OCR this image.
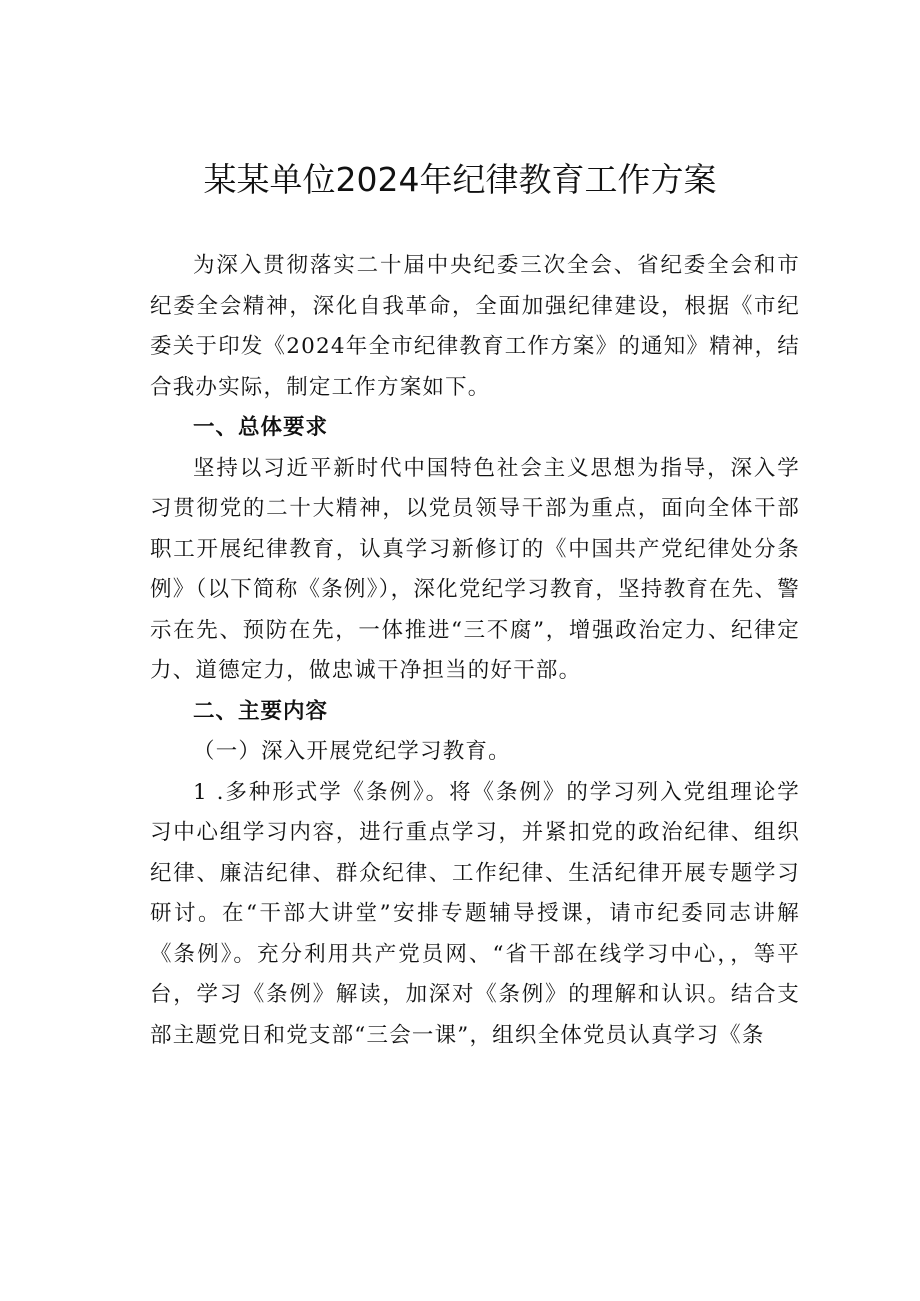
某某单位2024年纪律教育工作方案

为深入贯彻落实二十届中央纪委三次全会、省纪委全会和市纪委全会精神，深化自我革命，全面加强纪律建设，根据《市纪委关于印发《2024年全市纪律教育工作方案》的通知》精神，结合我办实际，制定工作方案如下。

一、总体要求

坚持以习近平新时代中国特色社会主义思想为指导，深入学习贯彻党的二十大精神，以党员领导干部为重点，面向全体干部职工开展纪律教育，认真学习新修订的《中国共产党纪律处分条例》（以下简称《条例》），深化党纪学习教育，坚持教育在先、警示在先、预防在先，一体推进“三不腐”，增强政治定力、纪律定力、道德定力，做忠诚干净担当的好干部。

二、主要内容

（一）深入开展党纪学习教育。

1 .多种形式学《条例》。将《条例》的学习列入党组理论学习中心组学习内容，进行重点学习，并紧扣党的政治纪律、组织纪律、廉洁纪律、群众纪律、工作纪律、生活纪律开展专题学习研讨。在“干部大讲堂”安排专题辅导授课，请市纪委同志讲解《条例》。充分利用共产党员网、“省干部在线学习中心，，等平台，学习《条例》解读，加深对《条例》的理解和认识。结合支部主题党日和党支部“三会一课”，组织全体党员认真学习《条
